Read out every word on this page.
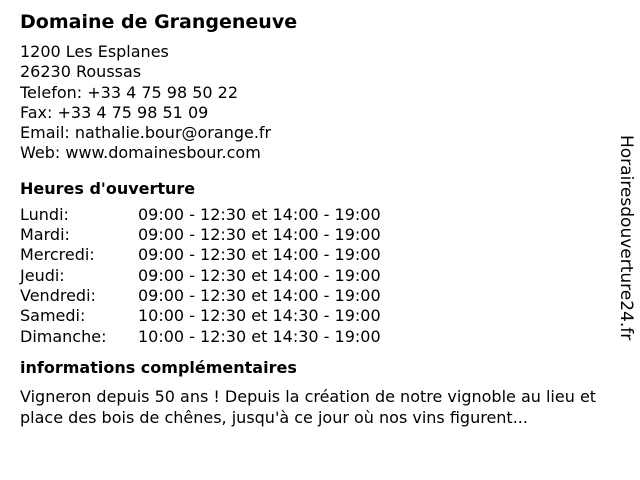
Domaine de Grangeneuve
1200 Les Esplanes
26230 Roussas
Telefon: +33 4 75 98 50 22
Fax: +33 4 75 98 51 09
Email: nathalie.bour@orange.fr
Web: www.domainesbour.com
Heures d'ouverture
Lundi:	09:00 - 12:30 et 14:00 - 19:00
Mardi:	09:00 - 12:30 et 14:00 - 19:00
Mercredi:	09:00 - 12:30 et 14:00 - 19:00
Jeudi:	09:00 - 12:30 et 14:00 - 19:00
Vendredi:	09:00 - 12:30 et 14:00 - 19:00
Samedi:	10:00 - 12:30 et 14:30 - 19:00
Dimanche:	10:00 - 12:30 et 14:30 - 19:00
informations complémentaires
Vigneron depuis 50 ans ! Depuis la création de notre vignoble au lieu et place des bois de chênes, jusqu'à ce jour où nos vins figurent...
Horairesdouverture24.fr
